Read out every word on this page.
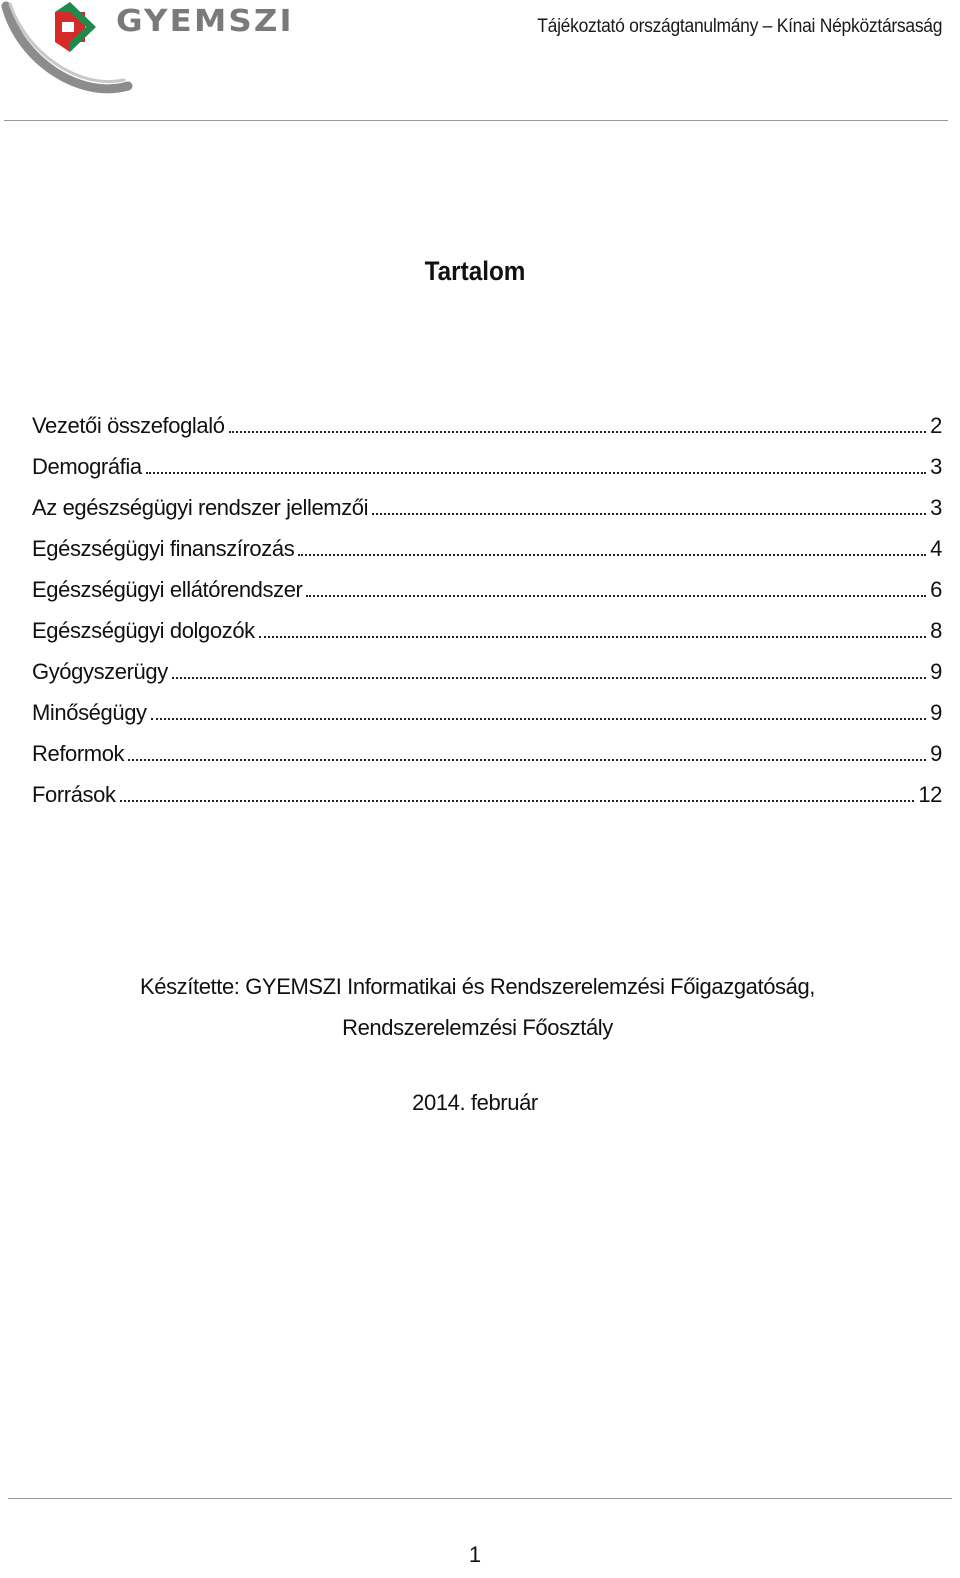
GYEMSZI	Tájékoztató országtanulmány – Kínai Népköztársaság
Tartalom
Vezetői összefoglaló	2
Demográfia	3
Az egészségügyi rendszer jellemzői	3
Egészségügyi finanszírozás	4
Egészségügyi ellátórendszer	6
Egészségügyi dolgozók	8
Gyógyszerügy	9
Minőségügy	9
Reformok	9
Források	12
Készítette: GYEMSZI Informatikai és Rendszerelemzési Főigazgatóság,
Rendszerelemzési Főosztály
2014. február
1
